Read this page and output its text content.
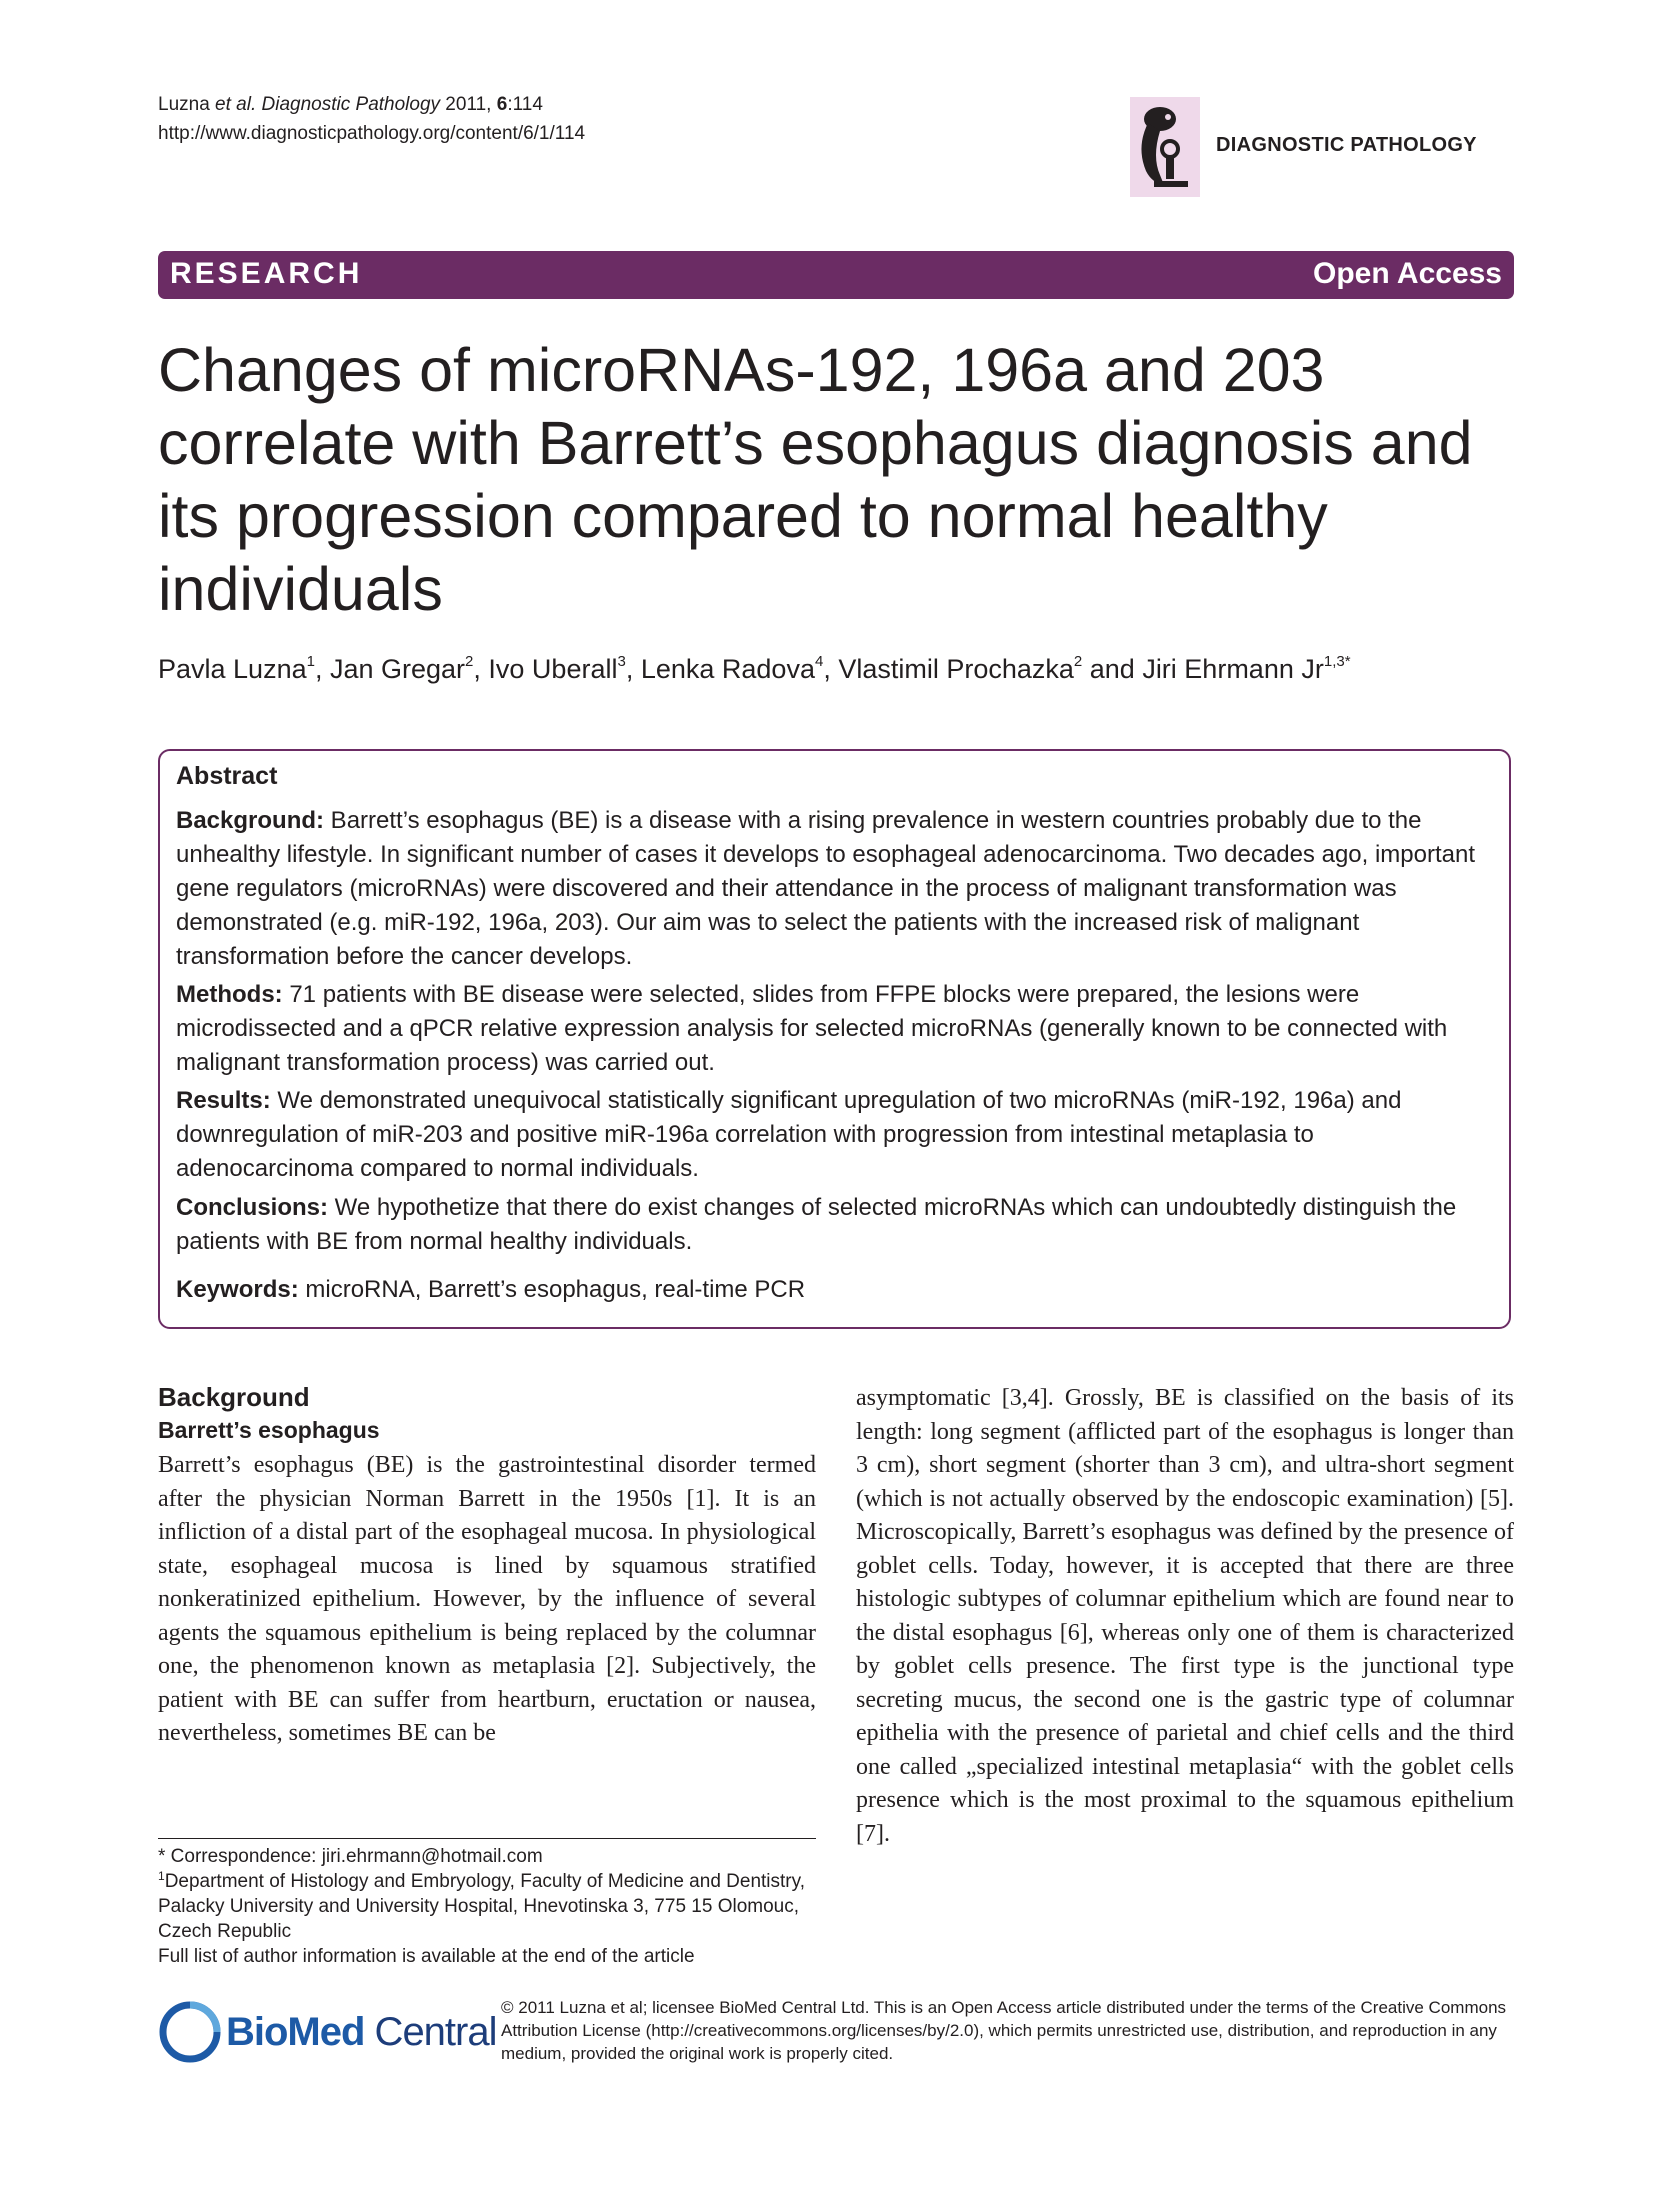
Luzna et al. Diagnostic Pathology 2011, 6:114
http://www.diagnosticpathology.org/content/6/1/114
DIAGNOSTIC PATHOLOGY
RESEARCH	Open Access
Changes of microRNAs-192, 196a and 203 correlate with Barrett’s esophagus diagnosis and its progression compared to normal healthy individuals
Pavla Luzna$^1$, Jan Gregar$^2$, Ivo Uberall$^3$, Lenka Radova$^4$, Vlastimil Prochazka$^2$ and Jiri Ehrmann $Jr^{1,3*}$
Abstract
Background: Barrett’s esophagus (BE) is a disease with a rising prevalence in western countries probably due to the unhealthy lifestyle. In significant number of cases it develops to esophageal adenocarcinoma. Two decades ago, important gene regulators (microRNAs) were discovered and their attendance in the process of malignant transformation was demonstrated (e.g. miR-192, 196a, 203). Our aim was to select the patients with the increased risk of malignant transformation before the cancer develops.
Methods: 71 patients with BE disease were selected, slides from FFPE blocks were prepared, the lesions were microdissected and a qPCR relative expression analysis for selected microRNAs (generally known to be connected with malignant transformation process) was carried out.
Results: We demonstrated unequivocal statistically significant upregulation of two microRNAs (miR-192, 196a) and downregulation of miR-203 and positive miR-196a correlation with progression from intestinal metaplasia to adenocarcinoma compared to normal individuals.
Conclusions: We hypothetize that there do exist changes of selected microRNAs which can undoubtedly distinguish the patients with BE from normal healthy individuals.
Keywords: microRNA, Barrett’s esophagus, real-time PCR
Background
Barrett’s esophagus
Barrett’s esophagus (BE) is the gastrointestinal disorder termed after the physician Norman Barrett in the 1950s [1]. It is an infliction of a distal part of the esophageal mucosa. In physiological state, esophageal mucosa is lined by squamous stratified nonkeratinized epithelium. However, by the influence of several agents the squamous epithelium is being replaced by the columnar one, the phenomenon known as metaplasia [2]. Subjectively, the patient with BE can suffer from heartburn, eructation or nausea, nevertheless, sometimes BE can be
asymptomatic [3,4]. Grossly, BE is classified on the basis of its length: long segment (afflicted part of the esophagus is longer than 3 cm), short segment (shorter than 3 cm), and ultra-short segment (which is not actually observed by the endoscopic examination) [5]. Microscopically, Barrett’s esophagus was defined by the presence of goblet cells. Today, however, it is accepted that there are three histologic subtypes of columnar epithelium which are found near to the distal esophagus [6], whereas only one of them is characterized by goblet cells presence. The first type is the junctional type secreting mucus, the second one is the gastric type of columnar epithelia with the presence of parietal and chief cells and the third one called „specialized intestinal metaplasia“ with the goblet cells presence which is the most proximal to the squamous epithelium [7].
* Correspondence: jiri.ehrmann@hotmail.com
$^1$Department of Histology and Embryology, Faculty of Medicine and Dentistry, Palacky University and University Hospital, Hnevotinska 3, 775 15 Olomouc, Czech Republic
Full list of author information is available at the end of the article
BioMed Central
© 2011 Luzna et al; licensee BioMed Central Ltd. This is an Open Access article distributed under the terms of the Creative Commons Attribution License (http://creativecommons.org/licenses/by/2.0), which permits unrestricted use, distribution, and reproduction in any medium, provided the original work is properly cited.
